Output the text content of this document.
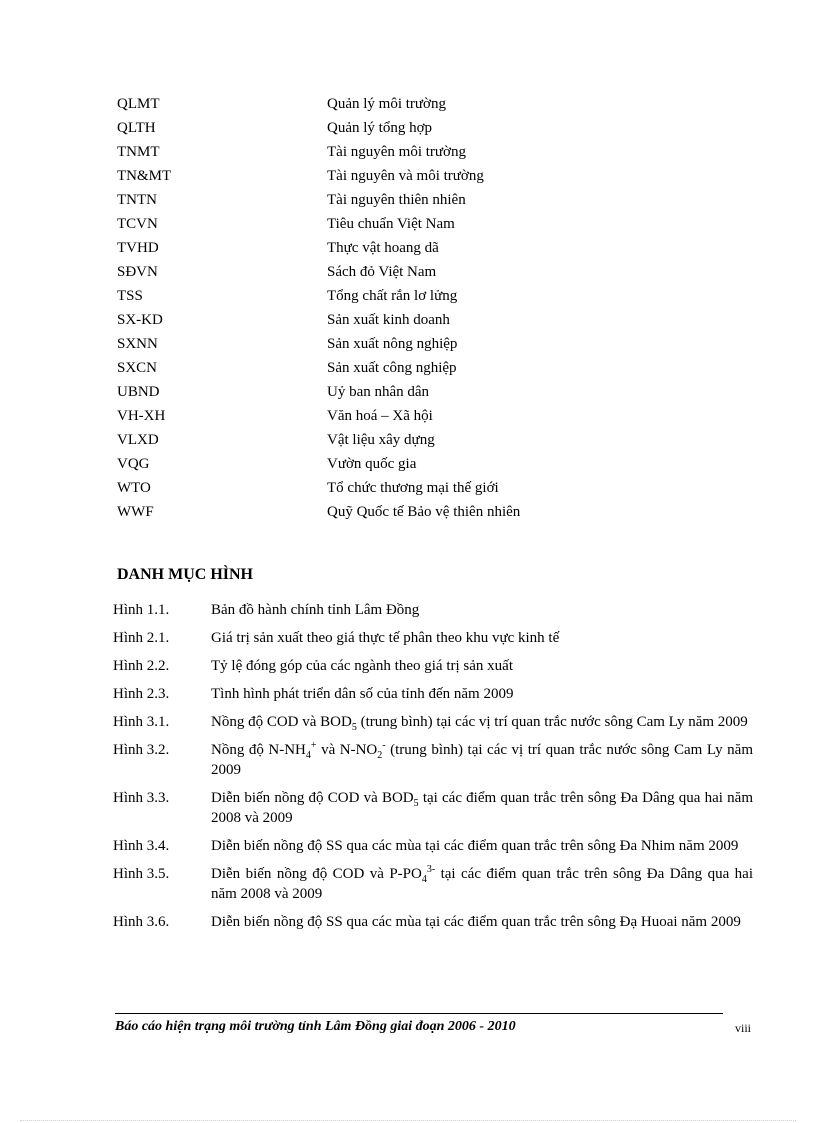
QLMT	Quản lý môi trường
QLTH	Quản lý tổng hợp
TNMT	Tài nguyên môi trường
TN&MT	Tài nguyên và môi trường
TNTN	Tài nguyên thiên nhiên
TCVN	Tiêu chuẩn Việt Nam
TVHD	Thực vật hoang dã
SĐVN	Sách đỏ Việt Nam
TSS	Tổng chất rắn lơ lửng
SX-KD	Sản xuất kinh doanh
SXNN	Sản xuất nông nghiệp
SXCN	Sản xuất công nghiệp
UBND	Uỷ ban nhân dân
VH-XH	Văn hoá – Xã hội
VLXD	Vật liệu xây dựng
VQG	Vườn quốc gia
WTO	Tổ chức thương mại thế giới
WWF	Quỹ Quốc tế Bảo vệ thiên nhiên
DANH MỤC HÌNH
Hình 1.1.	Bản đồ hành chính tỉnh Lâm Đồng
Hình 2.1.	Giá trị sản xuất theo giá thực tế phân theo khu vực kinh tế
Hình 2.2.	Tỷ lệ đóng góp của các ngành theo giá trị sản xuất
Hình 2.3.	Tình hình phát triển dân số của tỉnh đến năm 2009
Hình 3.1.	Nồng độ COD và $BOD_5$ (trung bình) tại các vị trí quan trắc nước sông Cam Ly năm 2009
Hình 3.2.	Nồng độ $N-NH_4^+$ và $N-NO_2^-$ (trung bình) tại các vị trí quan trắc nước sông Cam Ly năm 2009
Hình 3.3.	Diễn biến nồng độ COD và $BOD_5$ tại các điểm quan trắc trên sông Đa Dâng qua hai năm 2008 và 2009
Hình 3.4.	Diễn biến nồng độ SS qua các mùa tại các điểm quan trắc trên sông Đa Nhim năm 2009
Hình 3.5.	Diễn biến nồng độ COD và $P-PO_4^{3-}$ tại các điểm quan trắc trên sông Đa Dâng qua hai năm 2008 và 2009
Hình 3.6.	Diễn biến nồng độ SS qua các mùa tại các điểm quan trắc trên sông Đạ Huoai năm 2009
Báo cáo hiện trạng môi trường tỉnh Lâm Đồng giai đoạn 2006 - 2010	viii
